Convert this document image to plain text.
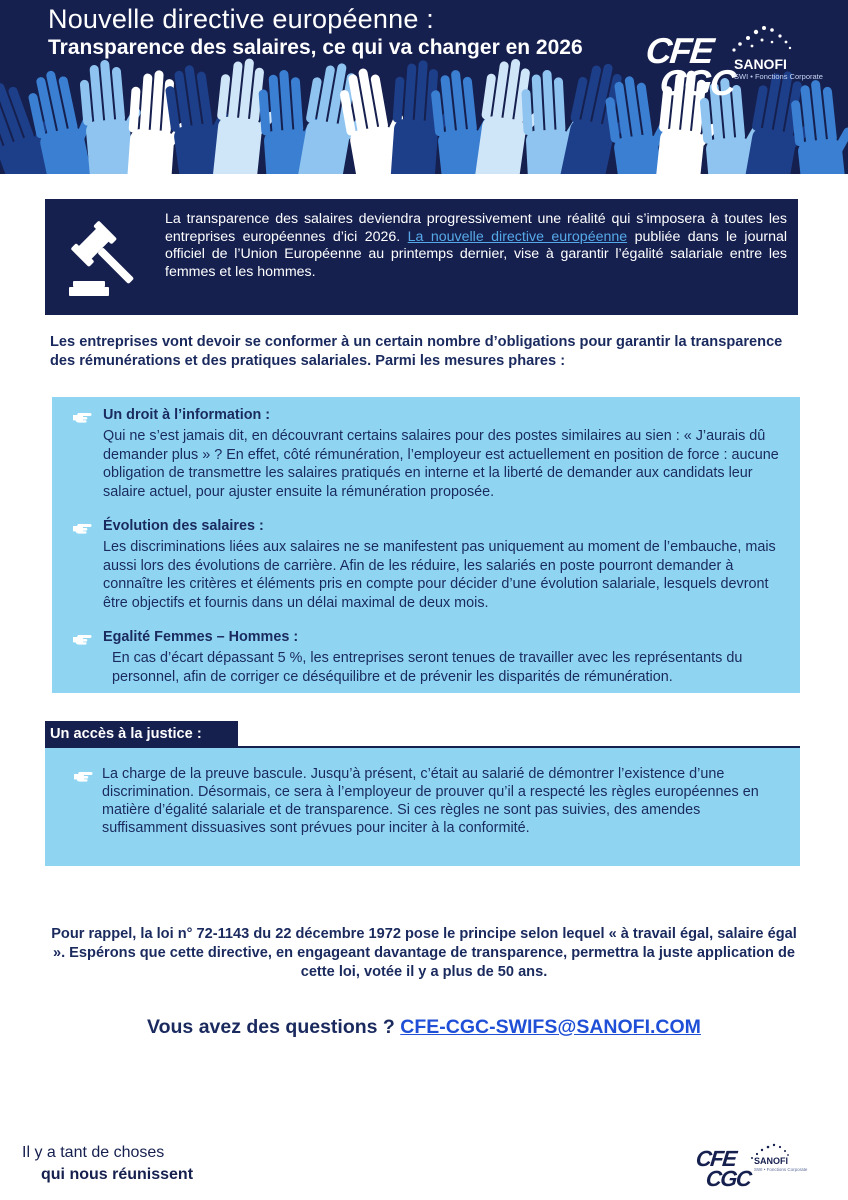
Nouvelle directive européenne :
Transparence des salaires, ce qui va changer en 2026 CFE
CGC
SANOFI
SWI • Fonctions Corporate
La transparence des salaires deviendra progressivement une réalité qui s’imposera à toutes les entreprises européennes d’ici 2026. La nouvelle directive européenne publiée dans le journal officiel de l’Union Européenne au printemps dernier, vise à garantir l’égalité salariale entre les femmes et les hommes.
Les entreprises vont devoir se conformer à un certain nombre d’obligations pour garantir la transparence des rémunérations et des pratiques salariales. Parmi les mesures phares :
Un droit à l’information :
Qui ne s’est jamais dit, en découvrant certains salaires pour des postes similaires au sien : « J’aurais dû demander plus » ? En effet, côté rémunération, l’employeur est actuellement en position de force : aucune obligation de transmettre les salaires pratiqués en interne et la liberté de demander aux candidats leur salaire actuel, pour ajuster ensuite la rémunération proposée.
Évolution des salaires :
Les discriminations liées aux salaires ne se manifestent pas uniquement au moment de l’embauche, mais aussi lors des évolutions de carrière. Afin de les réduire, les salariés en poste pourront demander à connaître les critères et éléments pris en compte pour décider d’une évolution salariale, lesquels devront être objectifs et fournis dans un délai maximal de deux mois.
Egalité Femmes – Hommes :
En cas d’écart dépassant 5 %, les entreprises seront tenues de travailler avec les représentants du personnel, afin de corriger ce déséquilibre et de prévenir les disparités de rémunération.
Un accès à la justice :
La charge de la preuve bascule. Jusqu’à présent, c’était au salarié de démontrer l’existence d’une discrimination. Désormais, ce sera à l’employeur de prouver qu’il a respecté les règles européennes en matière d’égalité salariale et de transparence. Si ces règles ne sont pas suivies, des amendes suffisamment dissuasives sont prévues pour inciter à la conformité.
Pour rappel, la loi n° 72-1143 du 22 décembre 1972 pose le principe selon lequel « à travail égal, salaire égal ». Espérons que cette directive, en engageant davantage de transparence, permettra la juste application de cette loi, votée il y a plus de 50 ans.
Vous avez des questions ? CFE-CGC-SWIFS@SANOFI.COM
Il y a tant de choses
qui nous réunissent
CFE
CGC
SANOFI
SWI • Fonctions Corporate
